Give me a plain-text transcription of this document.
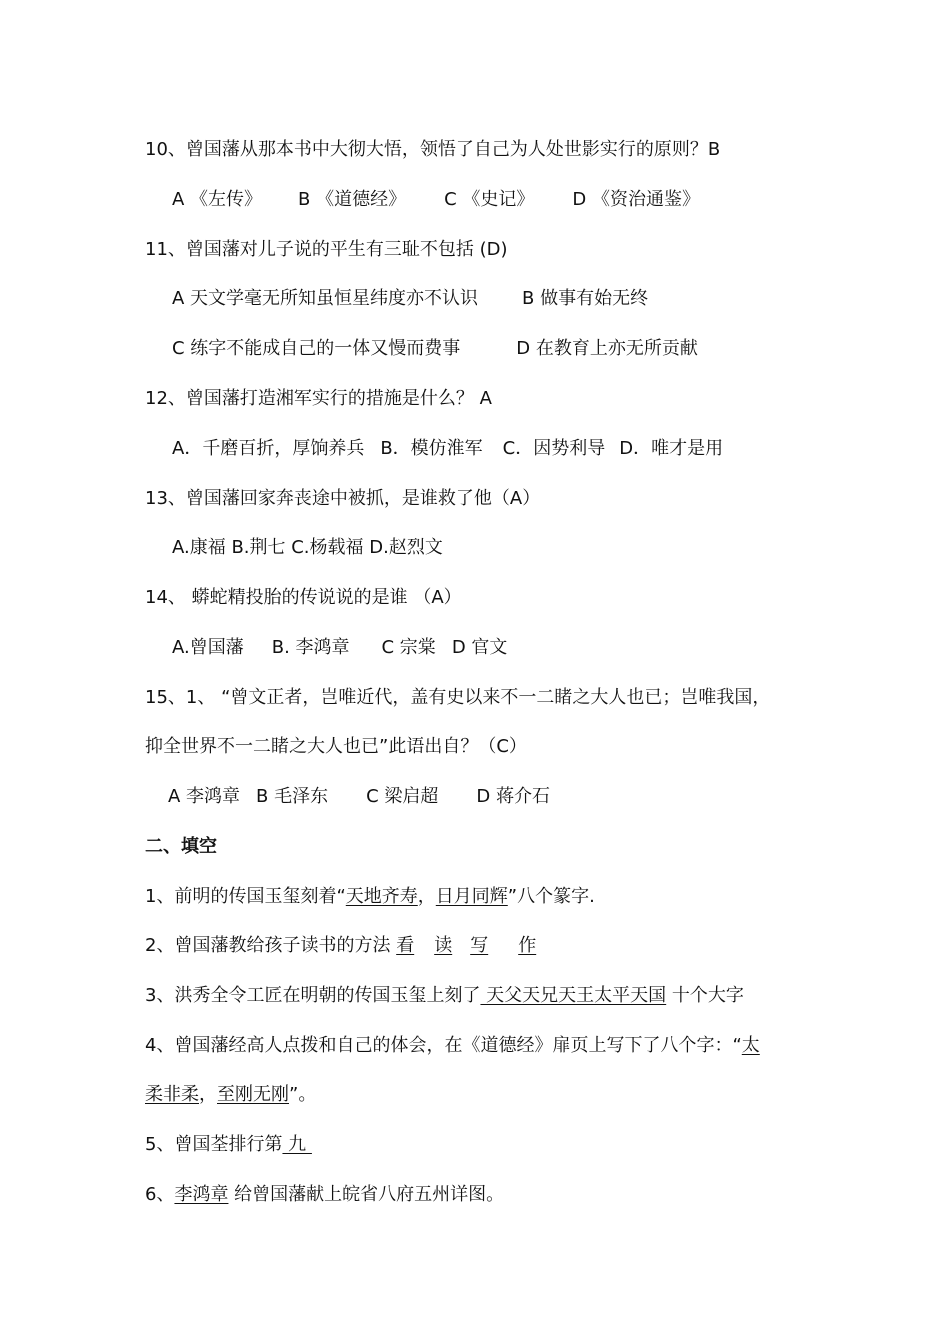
10、曾国藩从那本书中大彻大悟，领悟了自己为人处世影实行的原则？B
A 《左传》 B 《道德经》 C 《史记》 D 《资治通鉴》
11、曾国藩对儿子说的平生有三耻不包括 (D)
A 天文学毫无所知虽恒星纬度亦不认识 B 做事有始无终
C 练字不能成自己的一体又慢而费事	D 在教育上亦无所贡献
12、曾国藩打造湘军实行的措施是什么？ A
A．千磨百折，厚饷养兵 B．模仿淮军 C．因势利导 D．唯才是用
13、曾国藩回家奔丧途中被抓，是谁救了他（A）
A.康福 B.荆七 C.杨载福 D.赵烈文
14、 蟒蛇精投胎的传说说的是谁 （A）
A.曾国藩 B. 李鸿章 C 宗棠 D 官文
15、1、 “曾文正者，岂唯近代，盖有史以来不一二睹之大人也已；岂唯我国，
抑全世界不一二睹之大人也已”此语出自？（C）
A 李鸿章 B 毛泽东 C 梁启超 D 蒋介石
二、填空
1、前明的传国玉玺刻着“天地齐寿，日月同辉”八个篆字.
2、曾国藩教给孩子读书的方法 看 读 写 作
3、洪秀全令工匠在明朝的传国玉玺上刻了 天父天兄天王太平天国 十个大字
4、曾国藩经高人点拨和自己的体会，在《道德经》扉页上写下了八个字：“太
柔非柔，至刚无刚”。
5、曾国荃排行第 九
6、李鸿章 给曾国藩献上皖省八府五州详图。
